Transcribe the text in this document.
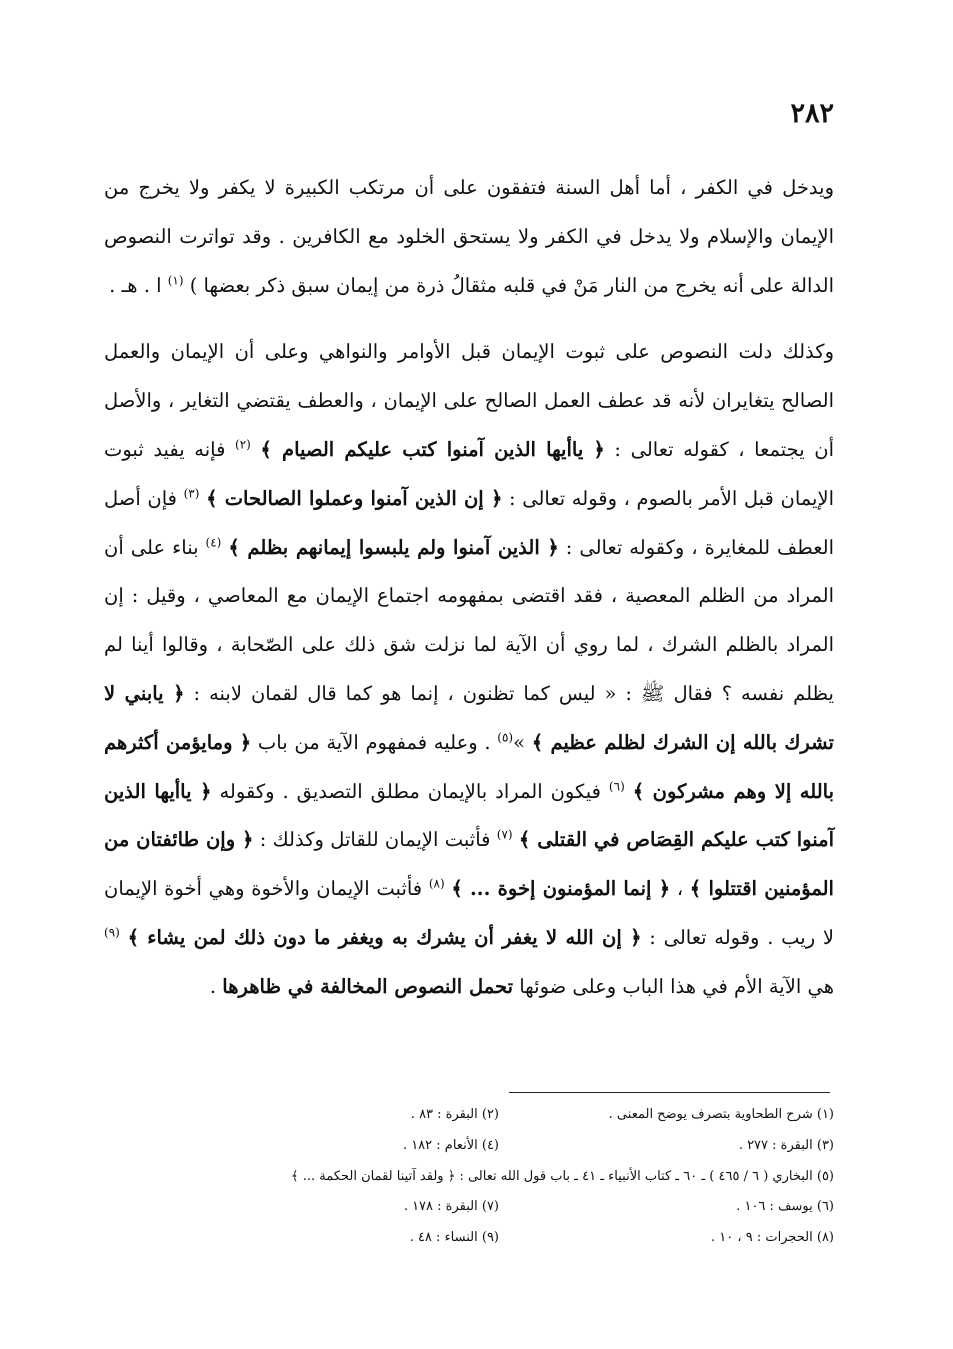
٢٨٢

ويدخل في الكفر ، أما أهل السنة فتفقون على أن مرتكب الكبيرة لا يكفر ولا يخرج من الإيمان والإسلام ولا يدخل في الكفر ولا يستحق الخلود مع الكافرين . وقد تواترت النصوص الدالة على أنه يخرج من النار مَنْ في قلبه مثقالُ ذرة من إيمان سبق ذكر بعضها ) $^{(١)}$ ا . هـ .

وكذلك دلت النصوص على ثبوت الإيمان قبل الأوامر والنواهي وعلى أن الإيمان والعمل الصالح يتغايران لأنه قد عطف العمل الصالح على الإيمان ، والعطف يقتضي التغاير ، والأصل أن يجتمعا ، كقوله تعالى : ﴿ ياأيها الذين آمنوا كتب عليكم الصيام ﴾ $^{(٢)}$ فإنه يفيد ثبوت الإيمان قبل الأمر بالصوم ، وقوله تعالى : ﴿ إن الذين آمنوا وعملوا الصالحات ﴾ $^{(٣)}$ فإن أصل العطف للمغايرة ، وكقوله تعالى : ﴿ الذين آمنوا ولم يلبسوا إيمانهم بظلم ﴾ $^{(٤)}$ بناء على أن المراد من الظلم المعصية ، فقد اقتضى بمفهومه اجتماع الإيمان مع المعاصي ، وقيل : إن المراد بالظلم الشرك ، لما روي أن الآية لما نزلت شق ذلك على الصّحابة ، وقالوا أينا لم يظلم نفسه ؟ فقال ﷺ : « ليس كما تظنون ، إنما هو كما قال لقمان لابنه : ﴿ يابني لا تشرك بالله إن الشرك لظلم عظيم ﴾ »$^{(٥)}$ . وعليه فمفهوم الآية من باب ﴿ ومايؤمن أكثرهم بالله إلا وهم مشركون ﴾ $^{(٦)}$ فيكون المراد بالإيمان مطلق التصديق . وكقوله ﴿ ياأيها الذين آمنوا كتب عليكم القِصَاص في القتلى ﴾ $^{(٧)}$ فأثبت الإيمان للقاتل وكذلك : ﴿ وإن طائفتان من المؤمنين اقتتلوا ﴾ ، ﴿ إنما المؤمنون إخوة ... ﴾ $^{(٨)}$ فأثبت الإيمان والأخوة وهي أخوة الإيمان لا ريب . وقوله تعالى : ﴿ إن الله لا يغفر أن يشرك به ويغفر ما دون ذلك لمن يشاء ﴾ $^{(٩)}$ هي الآية الأم في هذا الباب وعلى ضوئها تحمل النصوص المخالفة في ظاهرها .

(١) شرح الطحاوية بتصرف يوضح المعنى .
(٢) البقرة : ٨٣ .
(٣) البقرة : ٢٧٧ .
(٤) الأنعام : ١٨٢ .
(٥) البخاري ( ٦ / ٤٦٥ ) ـ ٦٠ ـ كتاب الأنبياء ـ ٤١ ـ باب قول الله تعالى : ﴿ ولقد آتينا لقمان الحكمة ... ﴾
(٦) يوسف : ١٠٦ .
(٧) البقرة : ١٧٨ .
(٨) الحجرات : ٩ ، ١٠ .
(٩) النساء : ٤٨ .
